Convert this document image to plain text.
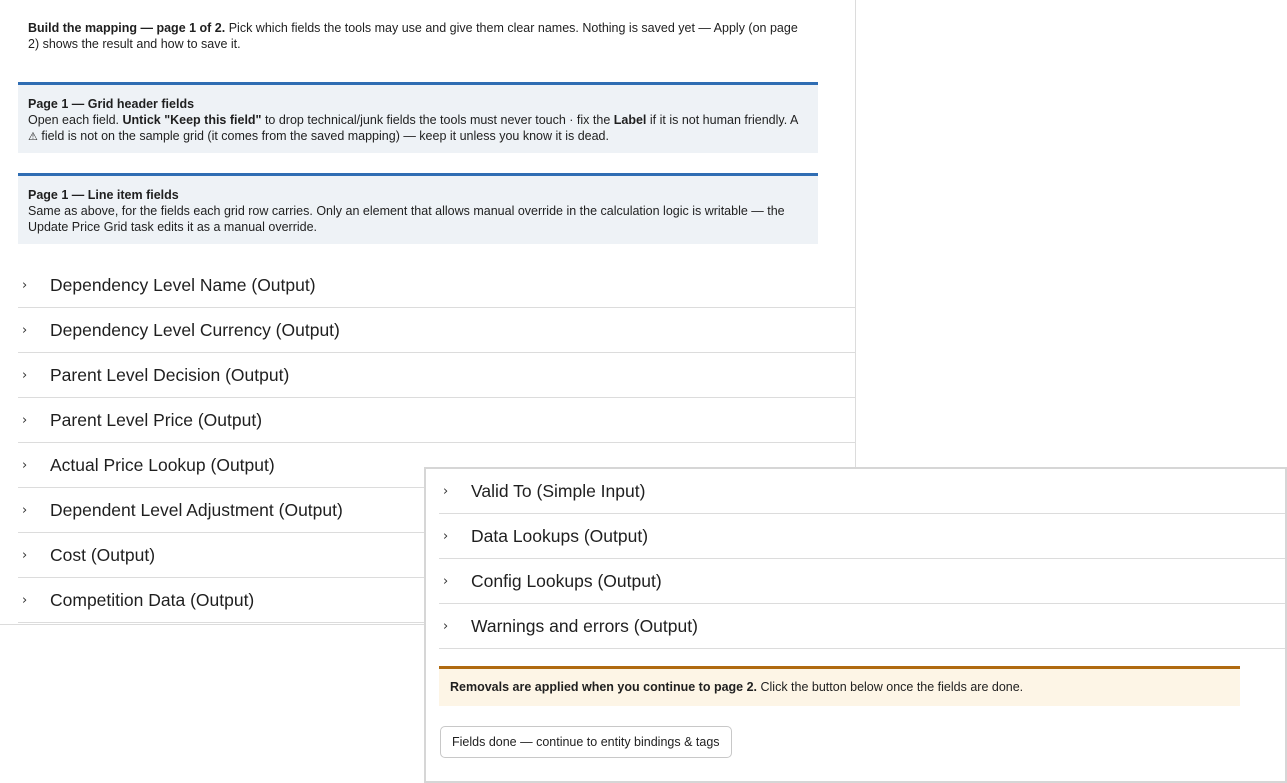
Build the mapping — page 1 of 2. Pick which fields the tools may use and give them clear names. Nothing is saved yet — Apply (on page 2) shows the result and how to save it.

Page 1 — Grid header fields
Open each field. Untick "Keep this field" to drop technical/junk fields the tools must never touch · fix the Label if it is not human friendly. A ⚠ field is not on the sample grid (it comes from the saved mapping) — keep it unless you know it is dead.
Page 1 — Line item fields
Same as above, for the fields each grid row carries. Only an element that allows manual override in the calculation logic is writable — the Update Price Grid task edits it as a manual override.
›	Dependency Level Name (Output)
›	Dependency Level Currency (Output)
›	Parent Level Decision (Output)
›	Parent Level Price (Output)
›	Actual Price Lookup (Output)
›	Dependent Level Adjustment (Output)
›	Cost (Output)
›	Competition Data (Output)
›	Valid To (Simple Input)
›	Data Lookups (Output)
›	Config Lookups (Output)
›	Warnings and errors (Output)
Removals are applied when you continue to page 2. Click the button below once the fields are done.
Fields done — continue to entity bindings & tags
